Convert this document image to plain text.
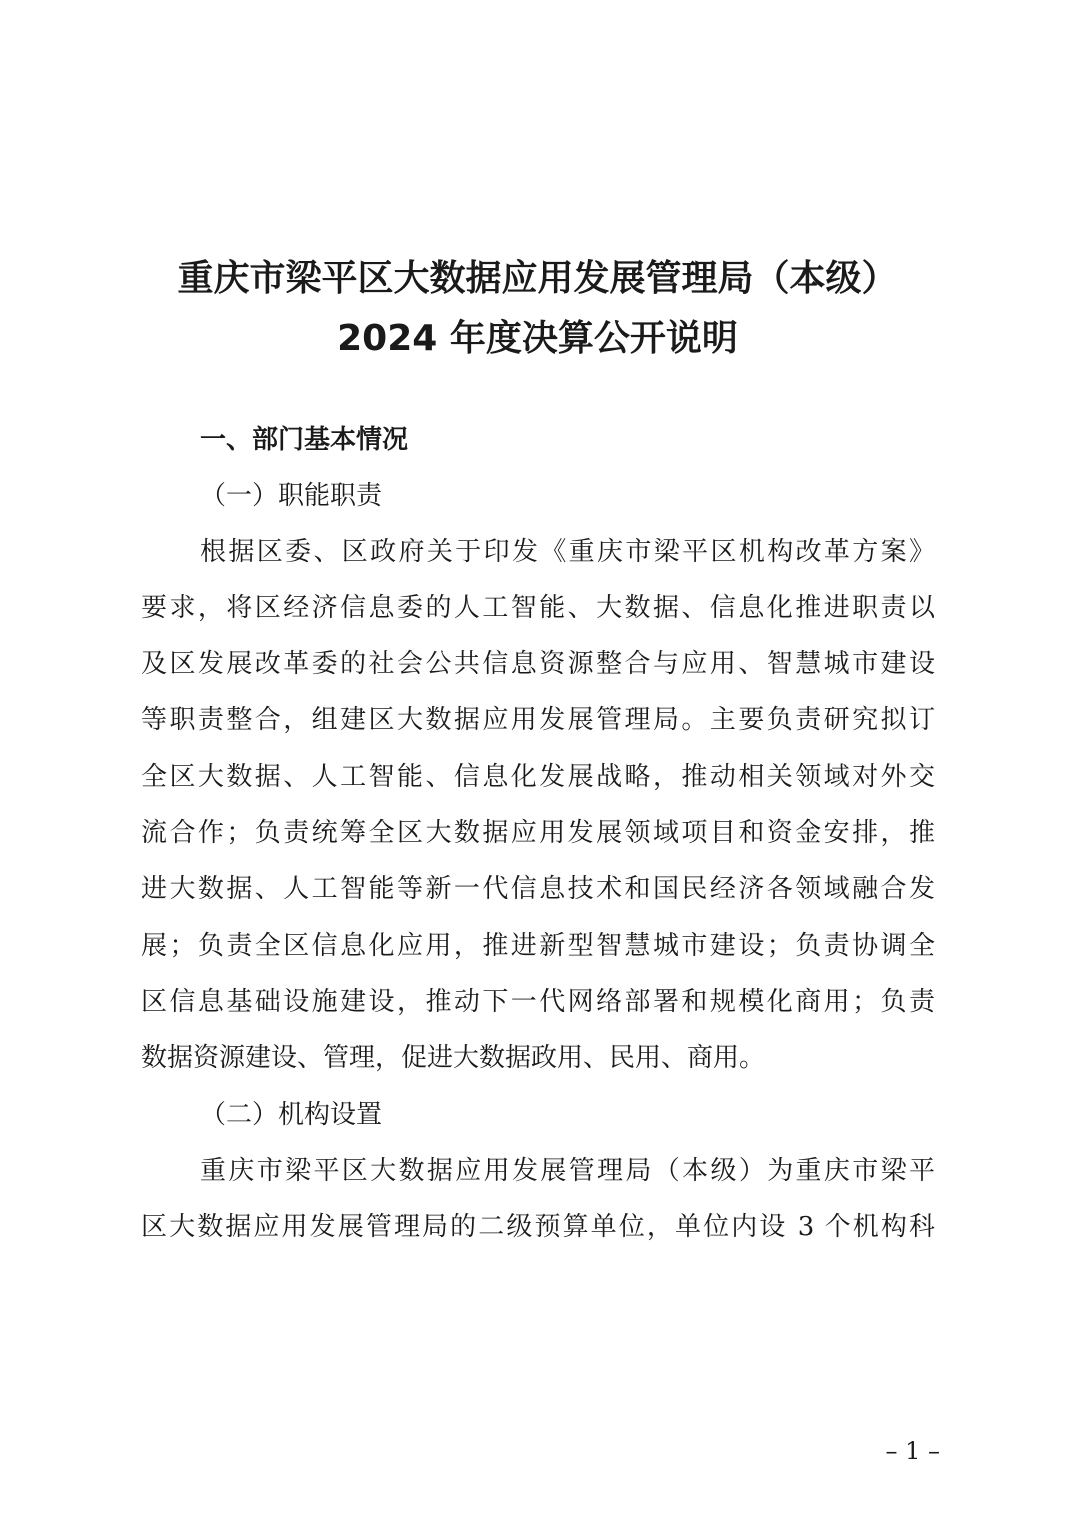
重庆市梁平区大数据应用发展管理局（本级）
2024 年度决算公开说明
一、部门基本情况
（一）职能职责
根据区委、区政府关于印发《重庆市梁平区机构改革方案》
要求，将区经济信息委的人工智能、大数据、信息化推进职责以
及区发展改革委的社会公共信息资源整合与应用、智慧城市建设
等职责整合，组建区大数据应用发展管理局。主要负责研究拟订
全区大数据、人工智能、信息化发展战略，推动相关领域对外交
流合作；负责统筹全区大数据应用发展领域项目和资金安排，推
进大数据、人工智能等新一代信息技术和国民经济各领域融合发
展；负责全区信息化应用，推进新型智慧城市建设；负责协调全
区信息基础设施建设，推动下一代网络部署和规模化商用；负责
数据资源建设、管理，促进大数据政用、民用、商用。
（二）机构设置
重庆市梁平区大数据应用发展管理局（本级）为重庆市梁平
区大数据应用发展管理局的二级预算单位，单位内设 3 个机构科
– 1 –
